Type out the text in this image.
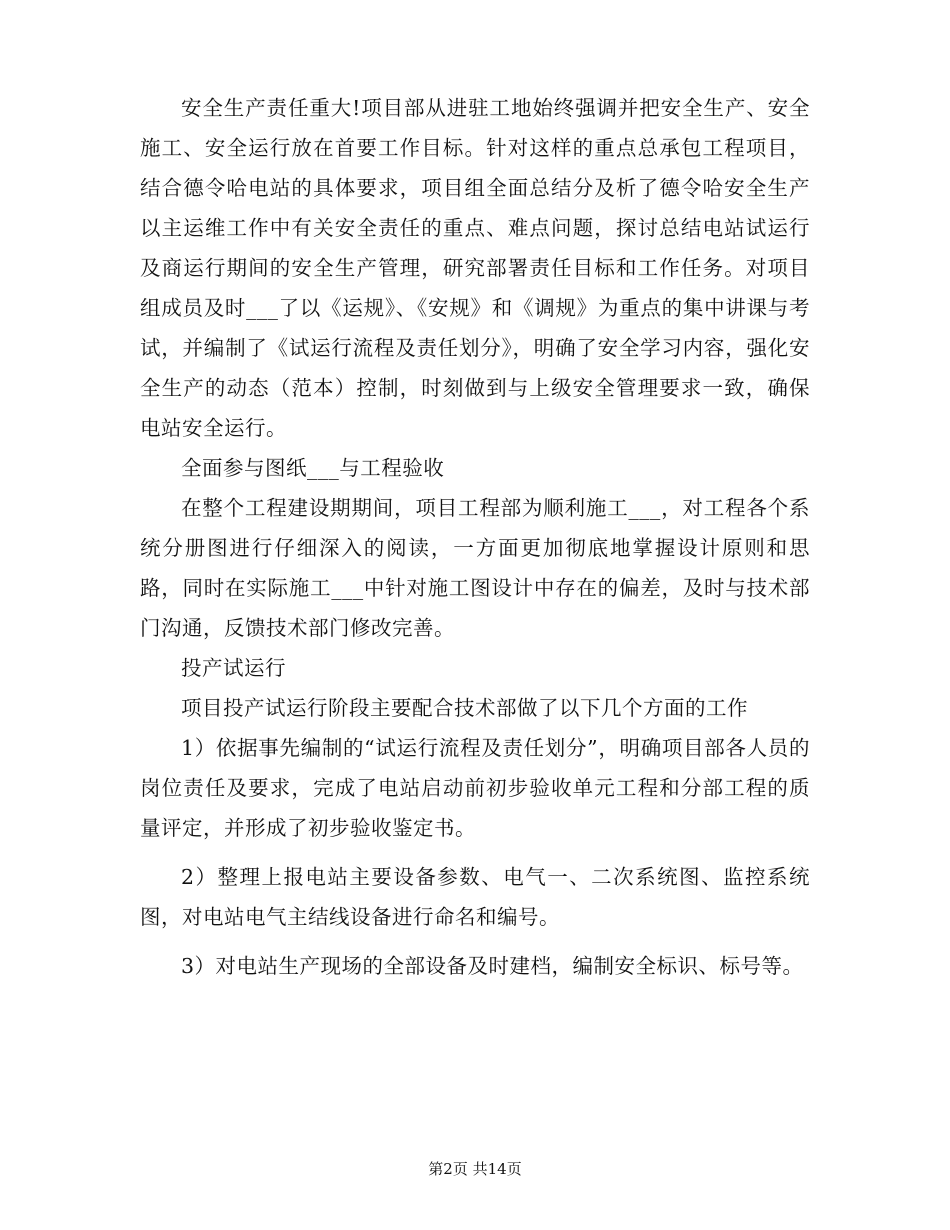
安全生产责任重大!项目部从进驻工地始终强调并把安全生产、安全施工、安全运行放在首要工作目标。针对这样的重点总承包工程项目，结合德令哈电站的具体要求，项目组全面总结分及析了德令哈安全生产以主运维工作中有关安全责任的重点、难点问题，探讨总结电站试运行及商运行期间的安全生产管理，研究部署责任目标和工作任务。对项目组成员及时___了以《运规》、《安规》和《调规》为重点的集中讲课与考试，并编制了《试运行流程及责任划分》，明确了安全学习内容，强化安全生产的动态（范本）控制，时刻做到与上级安全管理要求一致，确保电站安全运行。

全面参与图纸___与工程验收

在整个工程建设期期间，项目工程部为顺利施工___，对工程各个系统分册图进行仔细深入的阅读，一方面更加彻底地掌握设计原则和思路，同时在实际施工___中针对施工图设计中存在的偏差，及时与技术部门沟通，反馈技术部门修改完善。

投产试运行

项目投产试运行阶段主要配合技术部做了以下几个方面的工作

1）依据事先编制的“试运行流程及责任划分”，明确项目部各人员的岗位责任及要求，完成了电站启动前初步验收单元工程和分部工程的质量评定，并形成了初步验收鉴定书。

2）整理上报电站主要设备参数、电气一、二次系统图、监控系统图，对电站电气主结线设备进行命名和编号。

3）对电站生产现场的全部设备及时建档，编制安全标识、标号等。

第2页 共14页
